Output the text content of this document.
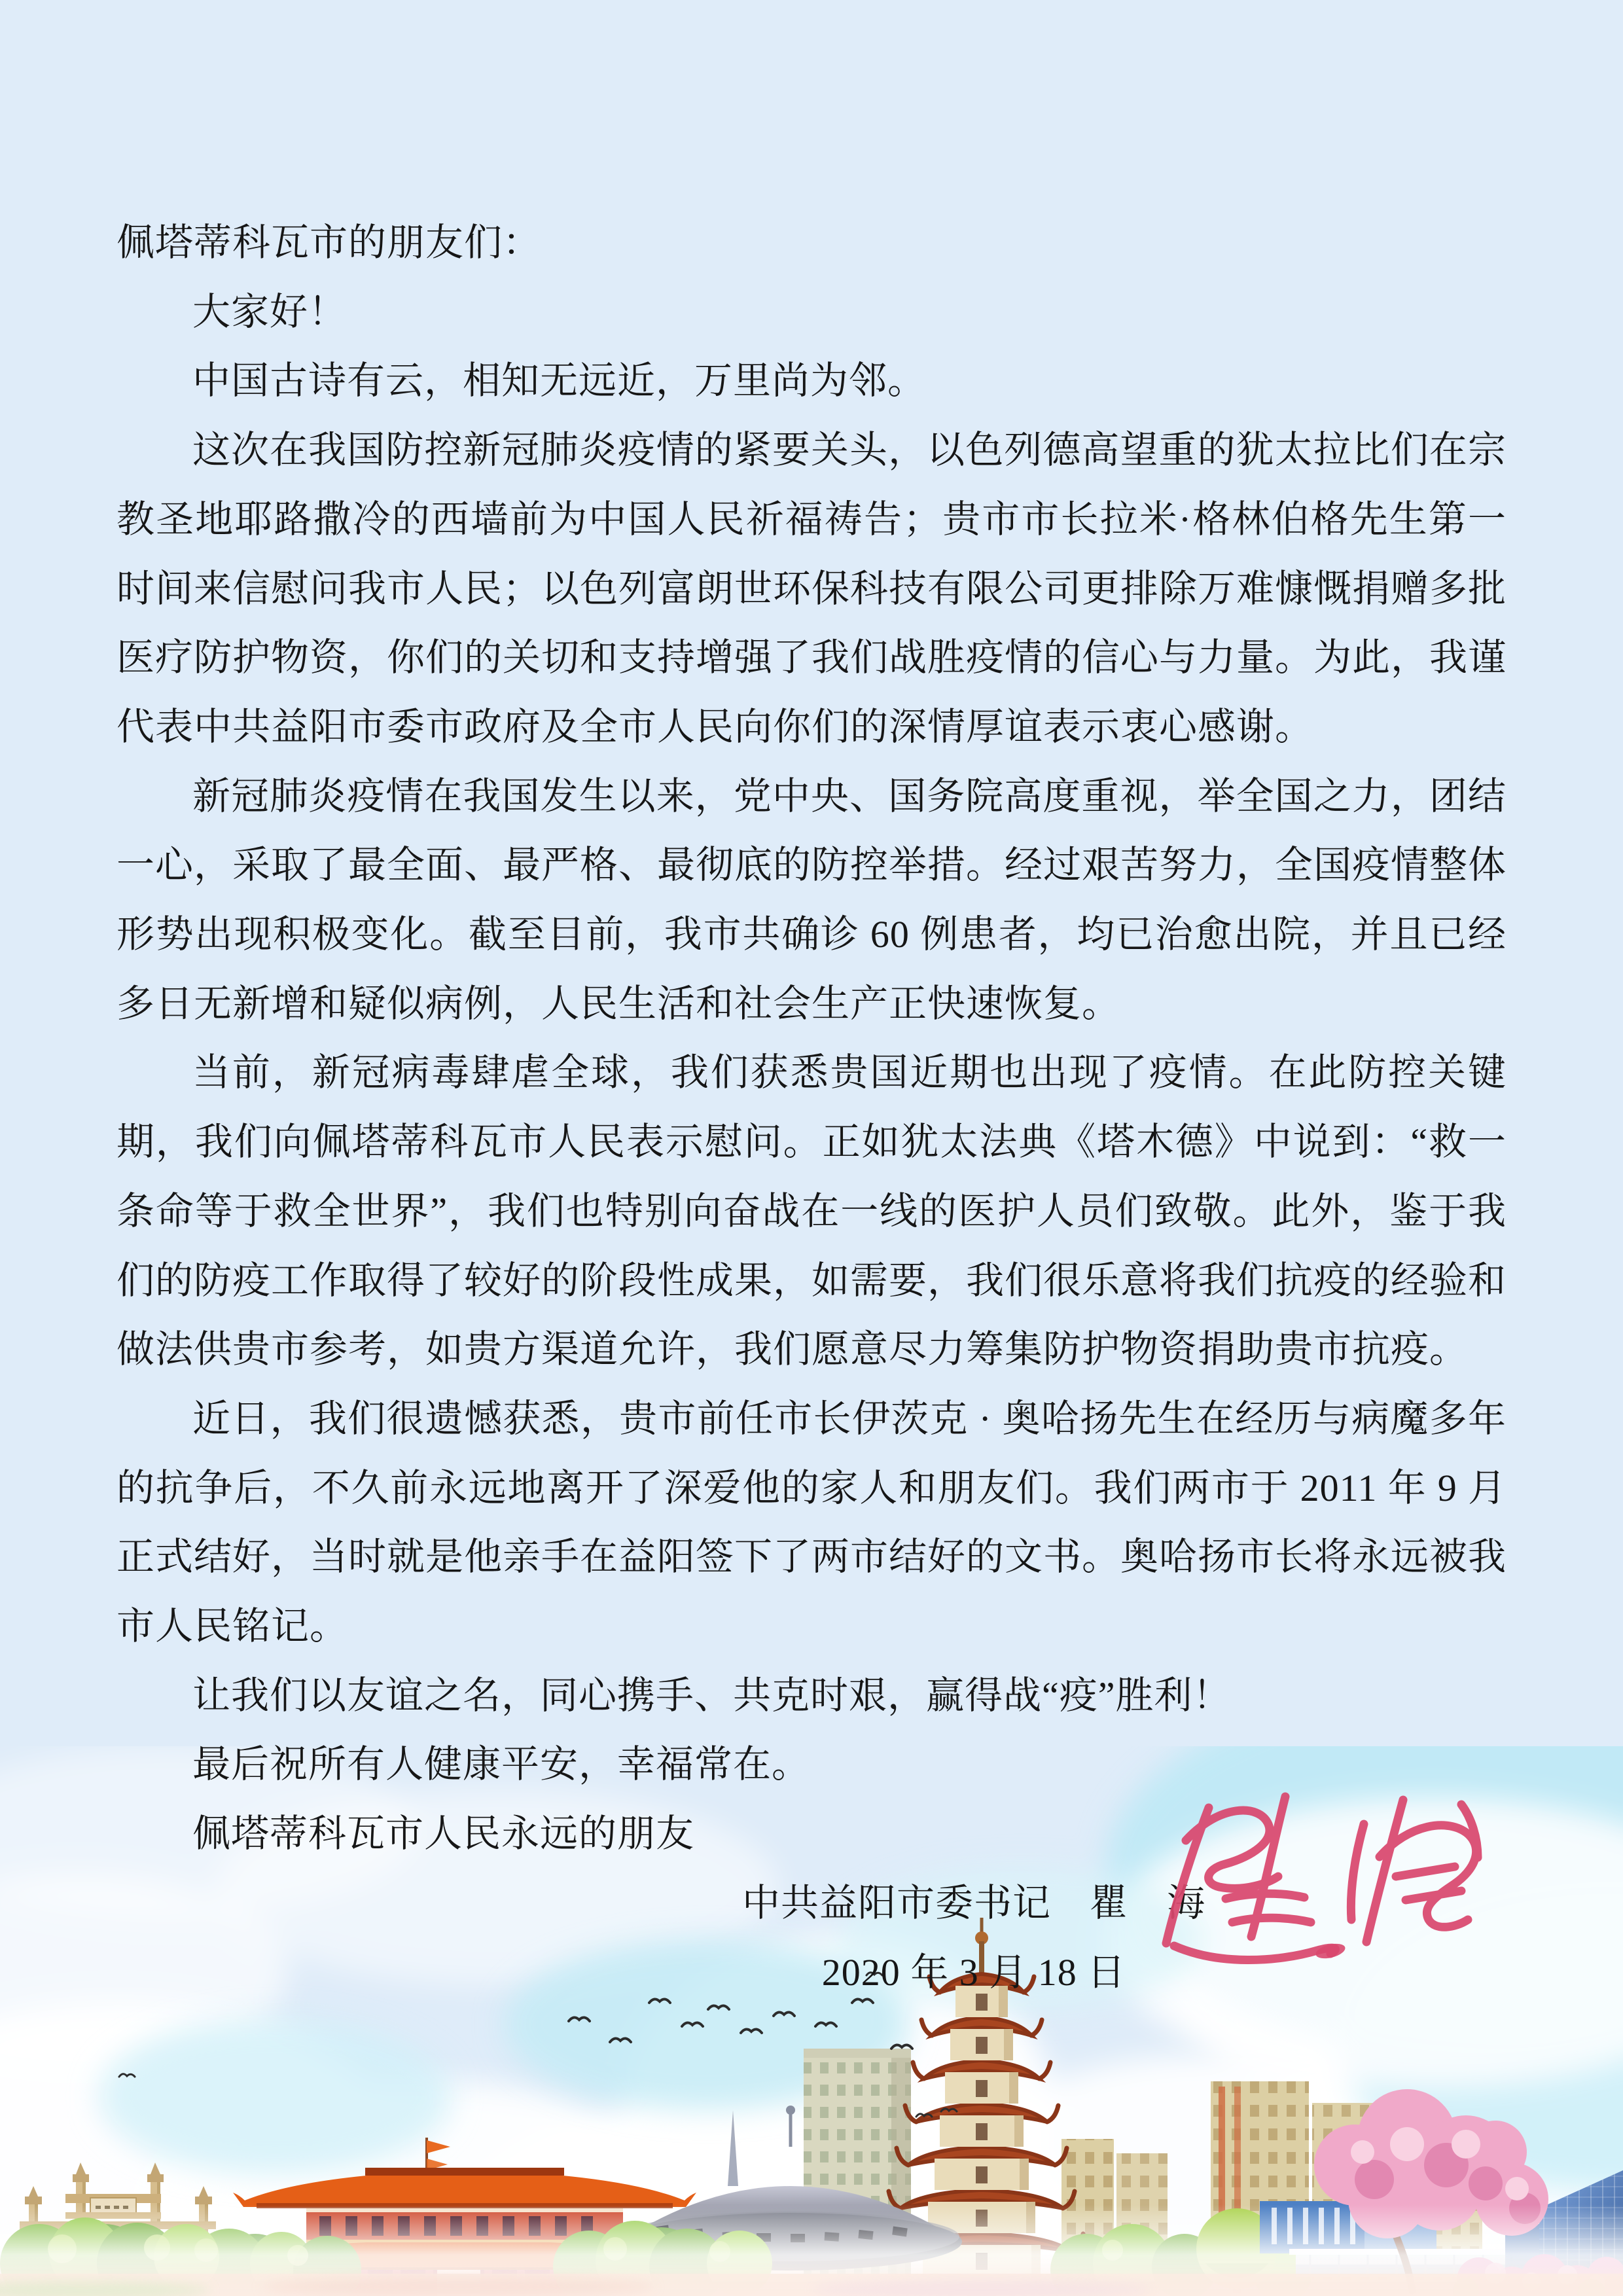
佩塔蒂科瓦市的朋友们：

大家好！

中国古诗有云，相知无远近，万里尚为邻。

这次在我国防控新冠肺炎疫情的紧要关头，以色列德高望重的犹太拉比们在宗教圣地耶路撒冷的西墙前为中国人民祈福祷告；贵市市长拉米·格林伯格先生第一时间来信慰问我市人民；以色列富朗世环保科技有限公司更排除万难慷慨捐赠多批医疗防护物资，你们的关切和支持增强了我们战胜疫情的信心与力量。为此，我谨代表中共益阳市委市政府及全市人民向你们的深情厚谊表示衷心感谢。

新冠肺炎疫情在我国发生以来，党中央、国务院高度重视，举全国之力，团结一心，采取了最全面、最严格、最彻底的防控举措。经过艰苦努力，全国疫情整体形势出现积极变化。截至目前，我市共确诊 60 例患者，均已治愈出院，并且已经多日无新增和疑似病例，人民生活和社会生产正快速恢复。

当前，新冠病毒肆虐全球，我们获悉贵国近期也出现了疫情。在此防控关键期，我们向佩塔蒂科瓦市人民表示慰问。正如犹太法典《塔木德》中说到：“救一条命等于救全世界”，我们也特别向奋战在一线的医护人员们致敬。此外，鉴于我们的防疫工作取得了较好的阶段性成果，如需要，我们很乐意将我们抗疫的经验和做法供贵市参考，如贵方渠道允许，我们愿意尽力筹集防护物资捐助贵市抗疫。

近日，我们很遗憾获悉，贵市前任市长伊茨克 · 奥哈扬先生在经历与病魔多年的抗争后，不久前永远地离开了深爱他的家人和朋友们。我们两市于 2011 年 9 月正式结好，当时就是他亲手在益阳签下了两市结好的文书。奥哈扬市长将永远被我市人民铭记。

让我们以友谊之名，同心携手、共克时艰，赢得战“疫”胜利！

最后祝所有人健康平安，幸福常在。

佩塔蒂科瓦市人民永远的朋友

中共益阳市委书记　瞿　海

2020 年 3 月 18 日
